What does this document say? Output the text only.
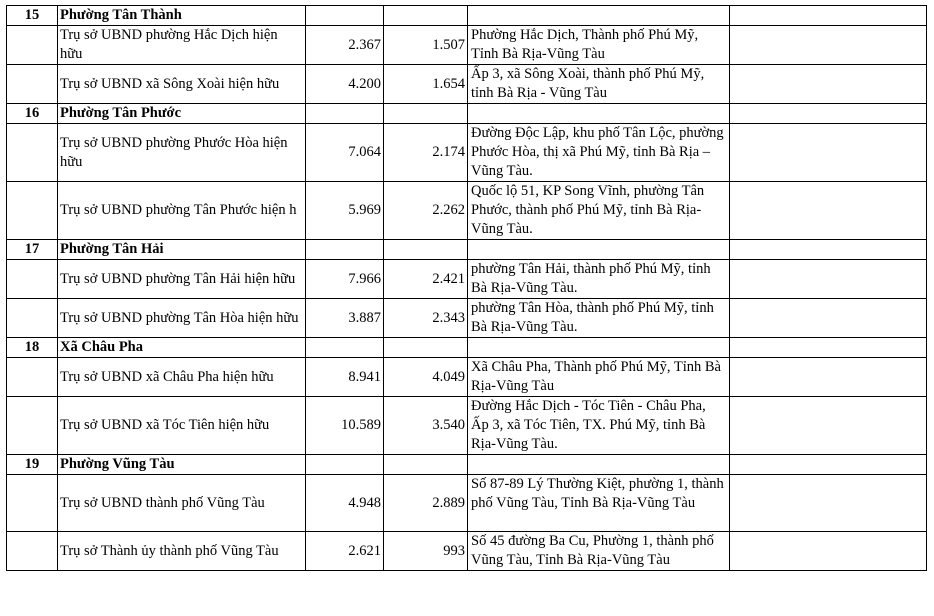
15	Phường Tân Thành				
	Trụ sở UBND phường Hắc Dịch hiện hữu	2.367	1.507	Phường Hắc Dịch, Thành phố Phú Mỹ, Tỉnh Bà Rịa-Vũng Tàu	
	Trụ sở UBND xã Sông Xoài hiện hữu	4.200	1.654	Ấp 3, xã Sông Xoài, thành phố Phú Mỹ, tỉnh Bà Rịa - Vũng Tàu	
16	Phường Tân Phước				
	Trụ sở UBND phường Phước Hòa hiện hữu	7.064	2.174	Đường Độc Lập, khu phố Tân Lộc, phường Phước Hòa, thị xã Phú Mỹ, tỉnh Bà Rịa – Vũng Tàu.	
	Trụ sở UBND phường Tân Phước hiện h	5.969	2.262	Quốc lộ 51, KP Song Vĩnh, phường Tân Phước, thành phố Phú Mỹ, tỉnh Bà Rịa-Vũng Tàu.	
17	Phường Tân Hải				
	Trụ sở UBND phường Tân Hải hiện hữu	7.966	2.421	phường Tân Hải, thành phố Phú Mỹ, tỉnh Bà Rịa-Vũng Tàu.	
	Trụ sở UBND phường Tân Hòa hiện hữu	3.887	2.343	phường Tân Hòa, thành phố Phú Mỹ, tỉnh Bà Rịa-Vũng Tàu.	
18	Xã Châu Pha				
	Trụ sở UBND xã Châu Pha hiện hữu	8.941	4.049	Xã Châu Pha, Thành phố Phú Mỹ, Tỉnh Bà Rịa-Vũng Tàu	
	Trụ sở UBND xã Tóc Tiên hiện hữu	10.589	3.540	Đường Hắc Dịch - Tóc Tiên - Châu Pha, Ấp 3, xã Tóc Tiên, TX. Phú Mỹ, tỉnh Bà Rịa-Vũng Tàu.	
19	Phường Vũng Tàu				
	Trụ sở UBND thành phố Vũng Tàu	4.948	2.889	Số 87-89 Lý Thường Kiệt, phường 1, thành phố Vũng Tàu, Tỉnh Bà Rịa-Vũng Tàu	
	Trụ sở Thành ủy thành phố Vũng Tàu	2.621	993	Số 45 đường Ba Cu, Phường 1, thành phố Vũng Tàu, Tỉnh Bà Rịa-Vũng Tàu	
